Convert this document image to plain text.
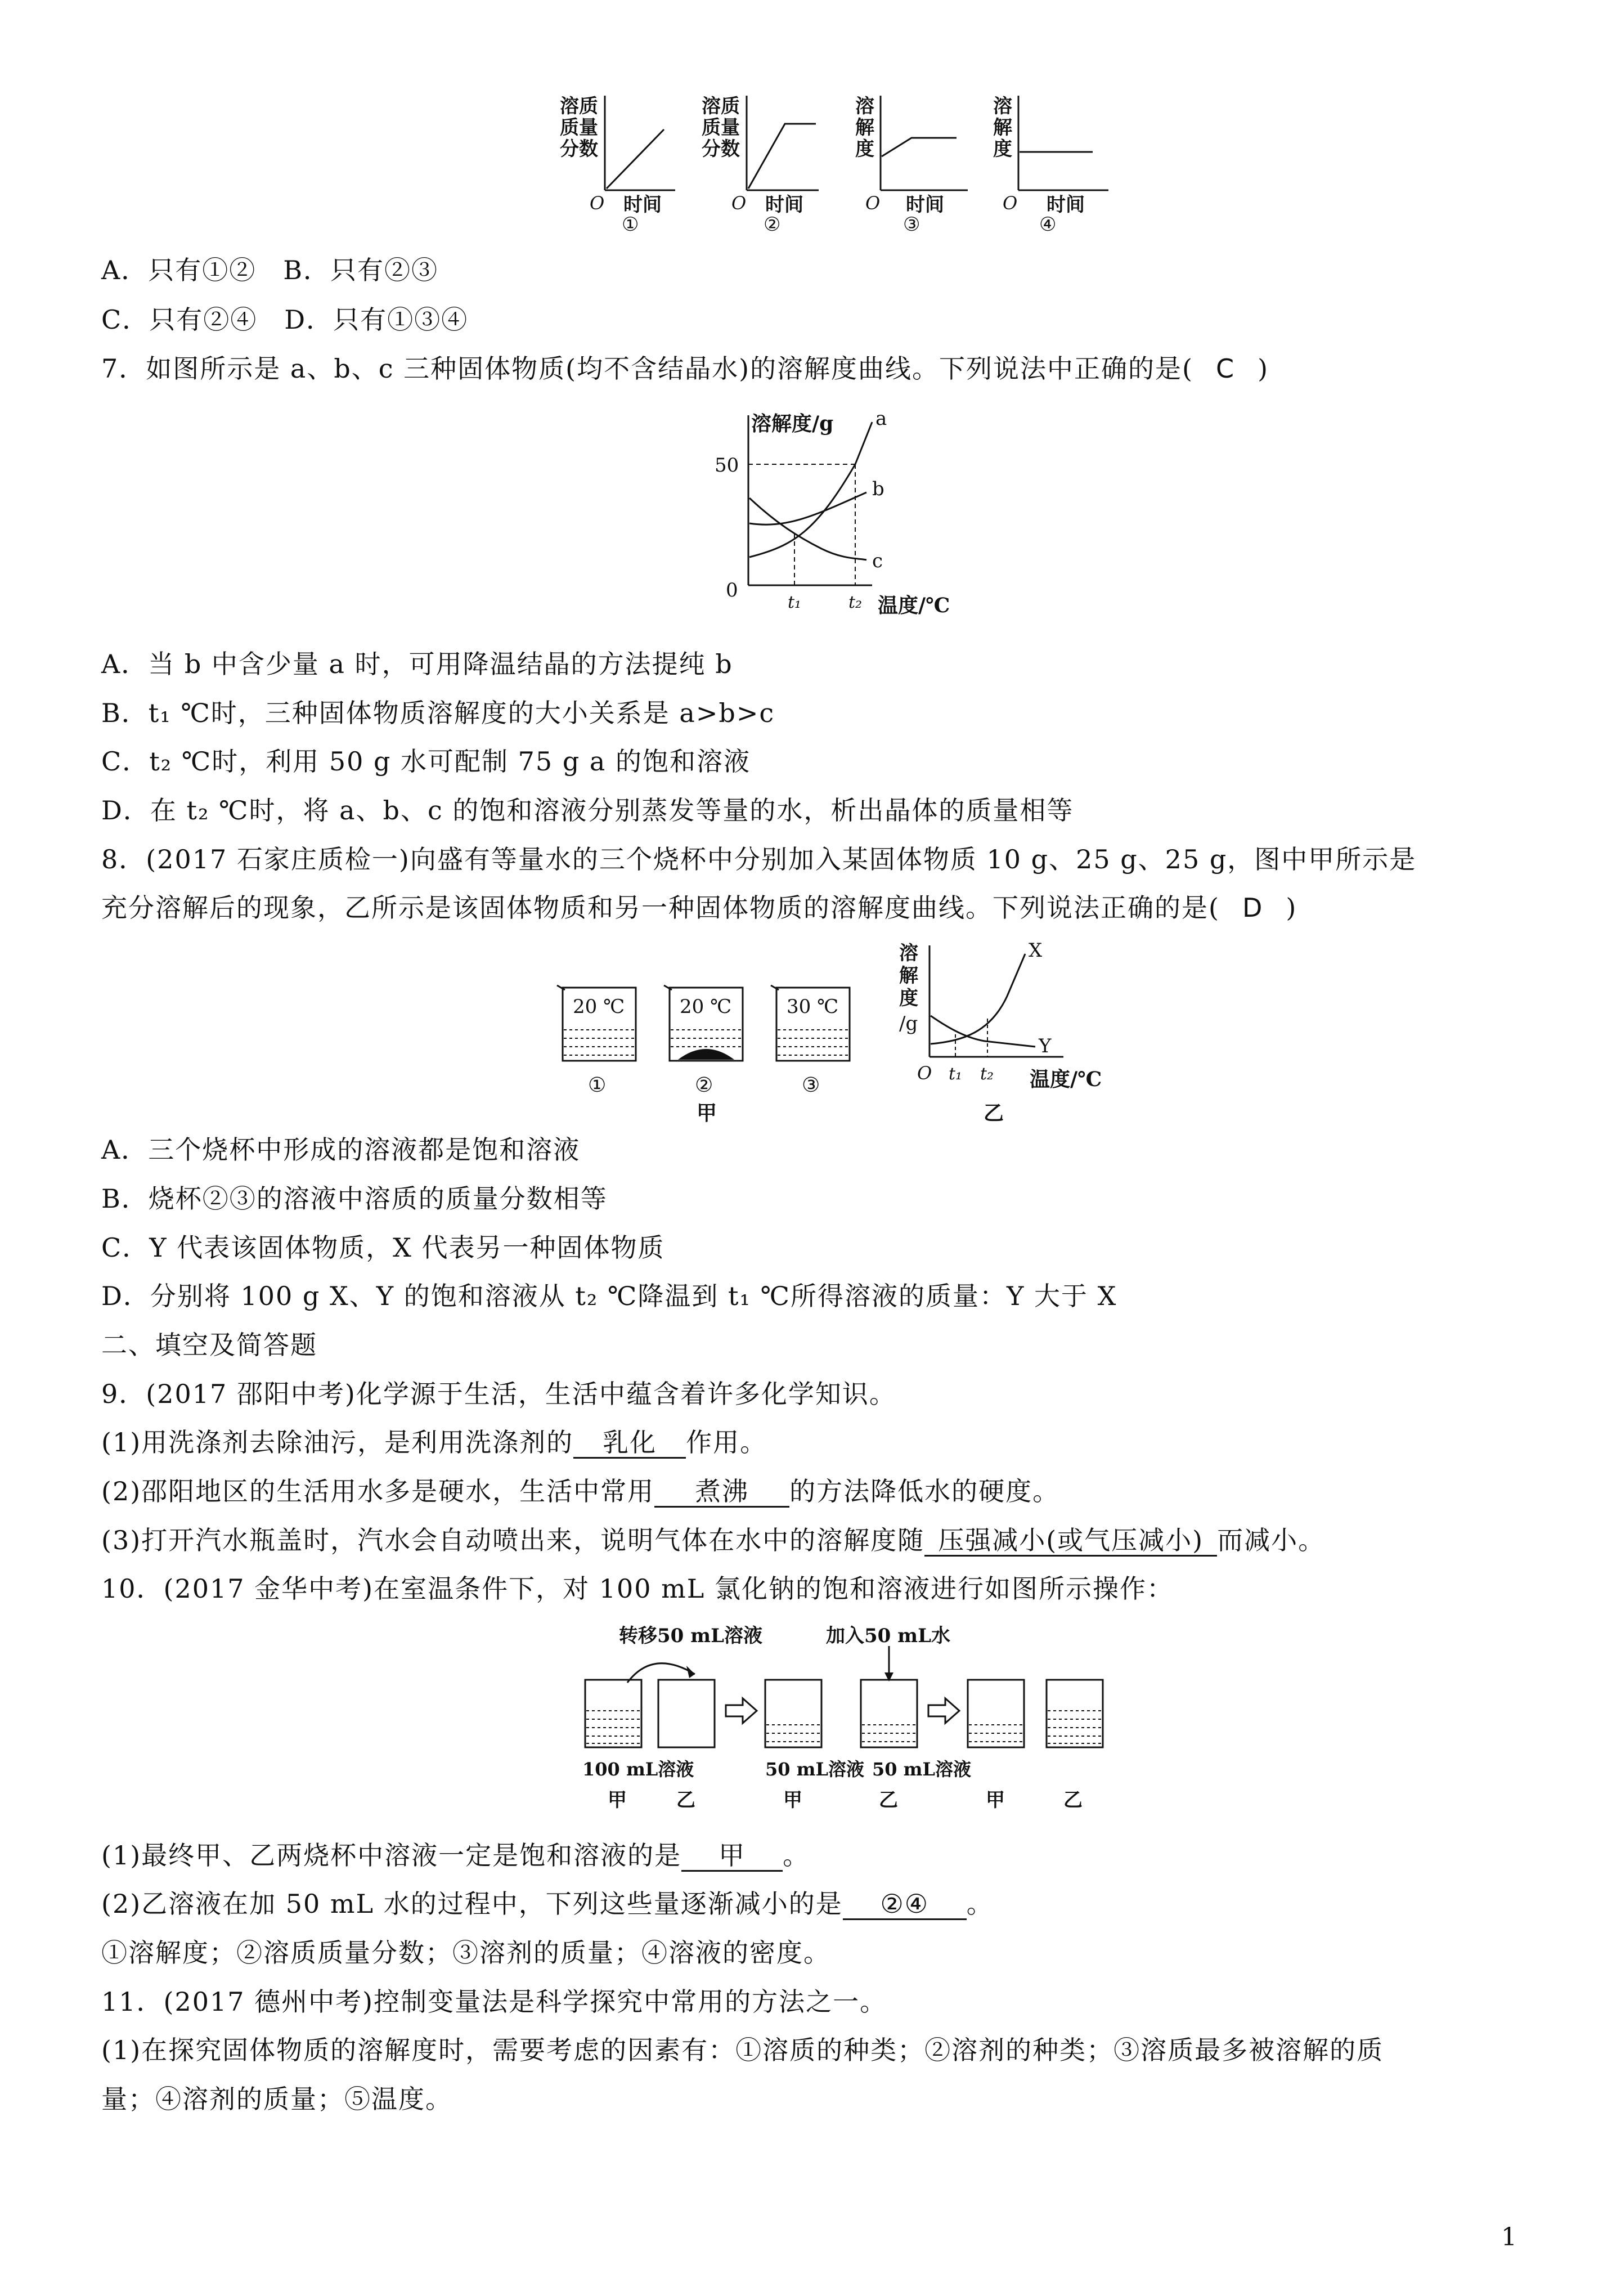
溶质
质量
分数
O 时间
①
溶质
质量
分数
O 时间
②
溶
解
度
O 时间
③
溶
解
度
O 时间
④
A．只有①②　B．只有②③
C．只有②④　D．只有①③④
7．如图所示是 a、b、c 三种固体物质(均不含结晶水)的溶解度曲线。下列说法中正确的是( C )
溶解度/g
50
a
b
c
0
t₁	t₂ 温度/℃
A．当 b 中含少量 a 时，可用降温结晶的方法提纯 b
B．t₁ ℃时，三种固体物质溶解度的大小关系是 a>b>c
C．t₂ ℃时，利用 50 g 水可配制 75 g a 的饱和溶液
D．在 t₂ ℃时，将 a、b、c 的饱和溶液分别蒸发等量的水，析出晶体的质量相等
8．(2017 石家庄质检一)向盛有等量水的三个烧杯中分别加入某固体物质 10 g、25 g、25 g，图中甲所示是
充分溶解后的现象，乙所示是该固体物质和另一种固体物质的溶解度曲线。下列说法正确的是( D )
20 ℃
①
20 ℃
②
30 ℃
③
甲
溶
解
度
/g
X
Y
O t₁ t₂ 温度/℃
乙
A．三个烧杯中形成的溶液都是饱和溶液
B．烧杯②③的溶液中溶质的质量分数相等
C．Y 代表该固体物质，X 代表另一种固体物质
D．分别将 100 g X、Y 的饱和溶液从 t₂ ℃降温到 t₁ ℃所得溶液的质量：Y 大于 X
二、填空及简答题
9．(2017 邵阳中考)化学源于生活，生活中蕴含着许多化学知识。
(1)用洗涤剂去除油污，是利用洗涤剂的 乳化 作用。
(2)邵阳地区的生活用水多是硬水，生活中常用 煮沸 的方法降低水的硬度。
(3)打开汽水瓶盖时，汽水会自动喷出来，说明气体在水中的溶解度随 压强减小(或气压减小) 而减小。
10．(2017 金华中考)在室温条件下，对 100 mL 氯化钠的饱和溶液进行如图所示操作：
转移50 mL溶液	加入50 mL水
100 mL溶液	50 mL溶液 50 mL溶液
甲	乙	甲	乙	甲	乙
(1)最终甲、乙两烧杯中溶液一定是饱和溶液的是 甲 。
(2)乙溶液在加 50 mL 水的过程中，下列这些量逐渐减小的是 ②④ 。
①溶解度；②溶质质量分数；③溶剂的质量；④溶液的密度。
11．(2017 德州中考)控制变量法是科学探究中常用的方法之一。
(1)在探究固体物质的溶解度时，需要考虑的因素有：①溶质的种类；②溶剂的种类；③溶质最多被溶解的质
量；④溶剂的质量；⑤温度。
1
